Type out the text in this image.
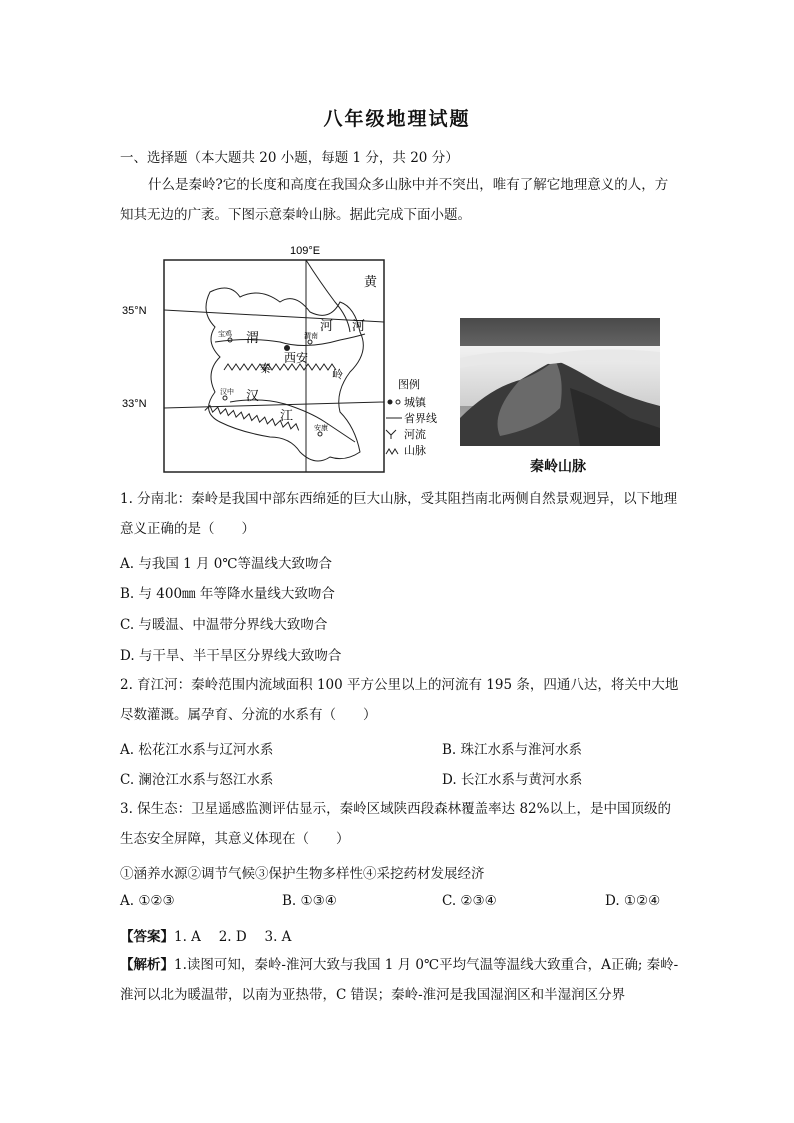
八年级地理试题
一、选择题（本大题共 20 小题，每题 1 分，共 20 分）
什么是秦岭?它的长度和高度在我国众多山脉中并不突出，唯有了解它地理意义的人，方知其无边的广袤。下图示意秦岭山脉。据此完成下面小题。
109°E
35°N
33°N
黄
河 河
渭
西安
秦	岭
汉
江
宝鸡	渭南
汉中
安康
图例
城镇
省界线
河流
山脉
秦岭山脉
1. 分南北：秦岭是我国中部东西绵延的巨大山脉，受其阻挡南北两侧自然景观迥异，以下地理意义正确的是（　　）
A. 与我国 1 月 0℃等温线大致吻合
B. 与 400㎜ 年等降水量线大致吻合
C. 与暖温、中温带分界线大致吻合
D. 与干旱、半干旱区分界线大致吻合
2. 育江河：秦岭范围内流域面积 100 平方公里以上的河流有 195 条，四通八达，将关中大地尽数灌溉。属孕育、分流的水系有（　　）
A. 松花江水系与辽河水系	B. 珠江水系与淮河水系
C. 澜沧江水系与怒江水系	D. 长江水系与黄河水系
3. 保生态：卫星遥感监测评估显示，秦岭区域陕西段森林覆盖率达 82%以上，是中国顶级的生态安全屏障，其意义体现在（　　）
①涵养水源②调节气候③保护生物多样性④采挖药材发展经济
A. ①②③	B. ①③④	C. ②③④	D. ①②④
【答案】1. A　 2. D　 3. A
【解析】1.读图可知，秦岭-淮河大致与我国 1 月 0℃平均气温等温线大致重合，A正确; 秦岭-淮河以北为暖温带，以南为亚热带，C 错误；秦岭-淮河是我国湿润区和半湿润区分界
